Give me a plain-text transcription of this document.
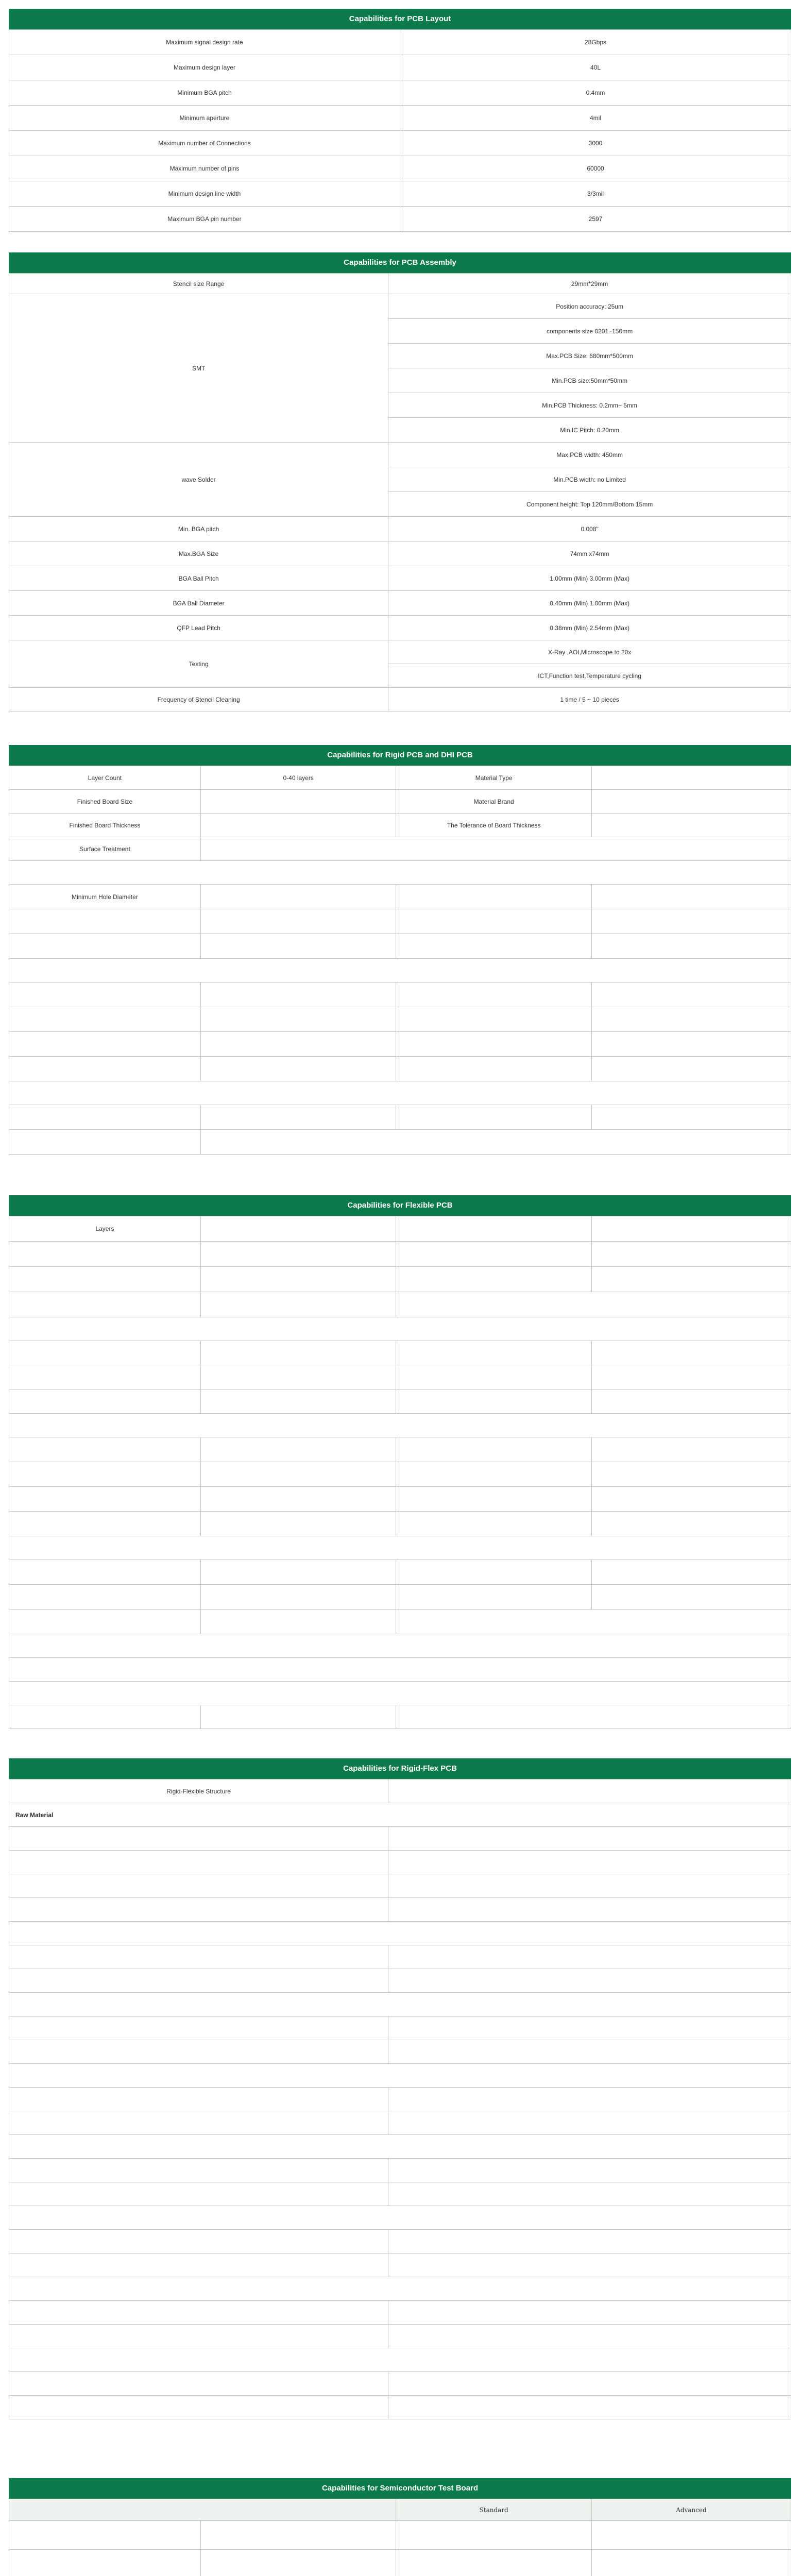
Capabilities for PCB Layout
Maximum signal design rate	28Gbps
Maximum design layer	40L
Minimum BGA pitch	0.4mm
Minimum aperture	4mil
Maximum number of Connections	3000
Maximum number of pins	60000
Minimum design line width	3/3mil
Maximum BGA pin number	2597
Capabilities for PCB Assembly
Stencil size Range	29mm*29mm
SMT	Position accuracy: 25um
	components size 0201~150mm
	Max.PCB Size: 680mm*500mm
	Min.PCB size:50mm*50mm
	Min.PCB Thickness: 0.2mm~ 5mm
	Min.IC Pitch: 0.20mm
wave Solder	Max.PCB width: 450mm
	Min.PCB width: no Limited
	Component height: Top 120mm/Bottom 15mm
Min. BGA pitch	0.008"
Max.BGA Size	74mm x74mm
BGA Ball Pitch	1.00mm (Min) 3.00mm (Max)
BGA Ball Diameter	0.40mm (Min) 1.00mm (Max)
QFP Lead Pitch	0.38mm (Min) 2.54mm (Max)
Testing	X-Ray ,AOI,Microscope to 20x
	ICT,Function test,Temperature cycling
Frequency of Stencil Cleaning	1 time / 5 ~ 10 pieces
Capabilities for Rigid PCB and DHI PCB
Layer Count	0-40 layers	Material Type	
Finished Board Size		Material Brand	
Finished Board Thickness		The Tolerance of Board Thickness	
Surface Treatment			

Minimum Hole Diameter			

Capabilities for Flexible PCB
Layers			

Capabilities for Rigid-Flex PCB
Rigid-Flexible Structure	
Raw Material	

Capabilities for Semiconductor Test Board
		Standard	Advanced
